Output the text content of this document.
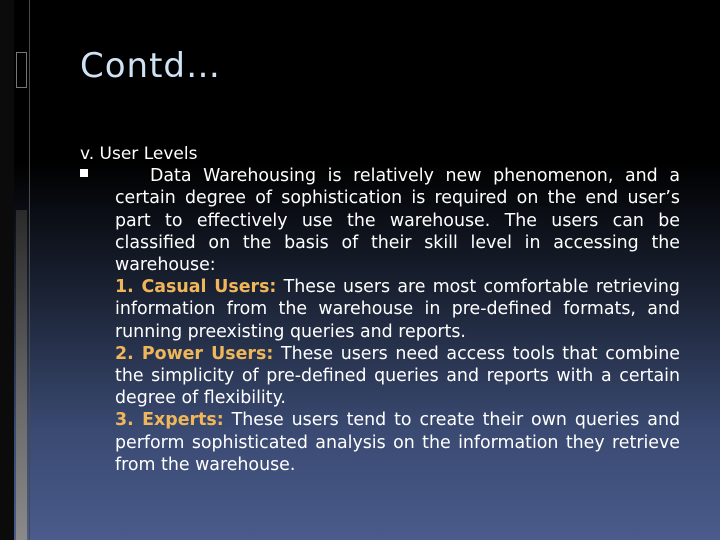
Contd…
v. User Levels

Data Warehousing is relatively new phenomenon, and a certain degree of sophistication is required on the end user’s part to effectively use the warehouse. The users can be classified on the basis of their skill level in accessing the warehouse:

1. Casual Users: These users are most comfortable retrieving information from the warehouse in pre-defined formats, and running preexisting queries and reports.

2. Power Users: These users need access tools that combine the simplicity of pre-defined queries and reports with a certain degree of flexibility.

3. Experts: These users tend to create their own queries and perform sophisticated analysis on the information they retrieve from the warehouse.
